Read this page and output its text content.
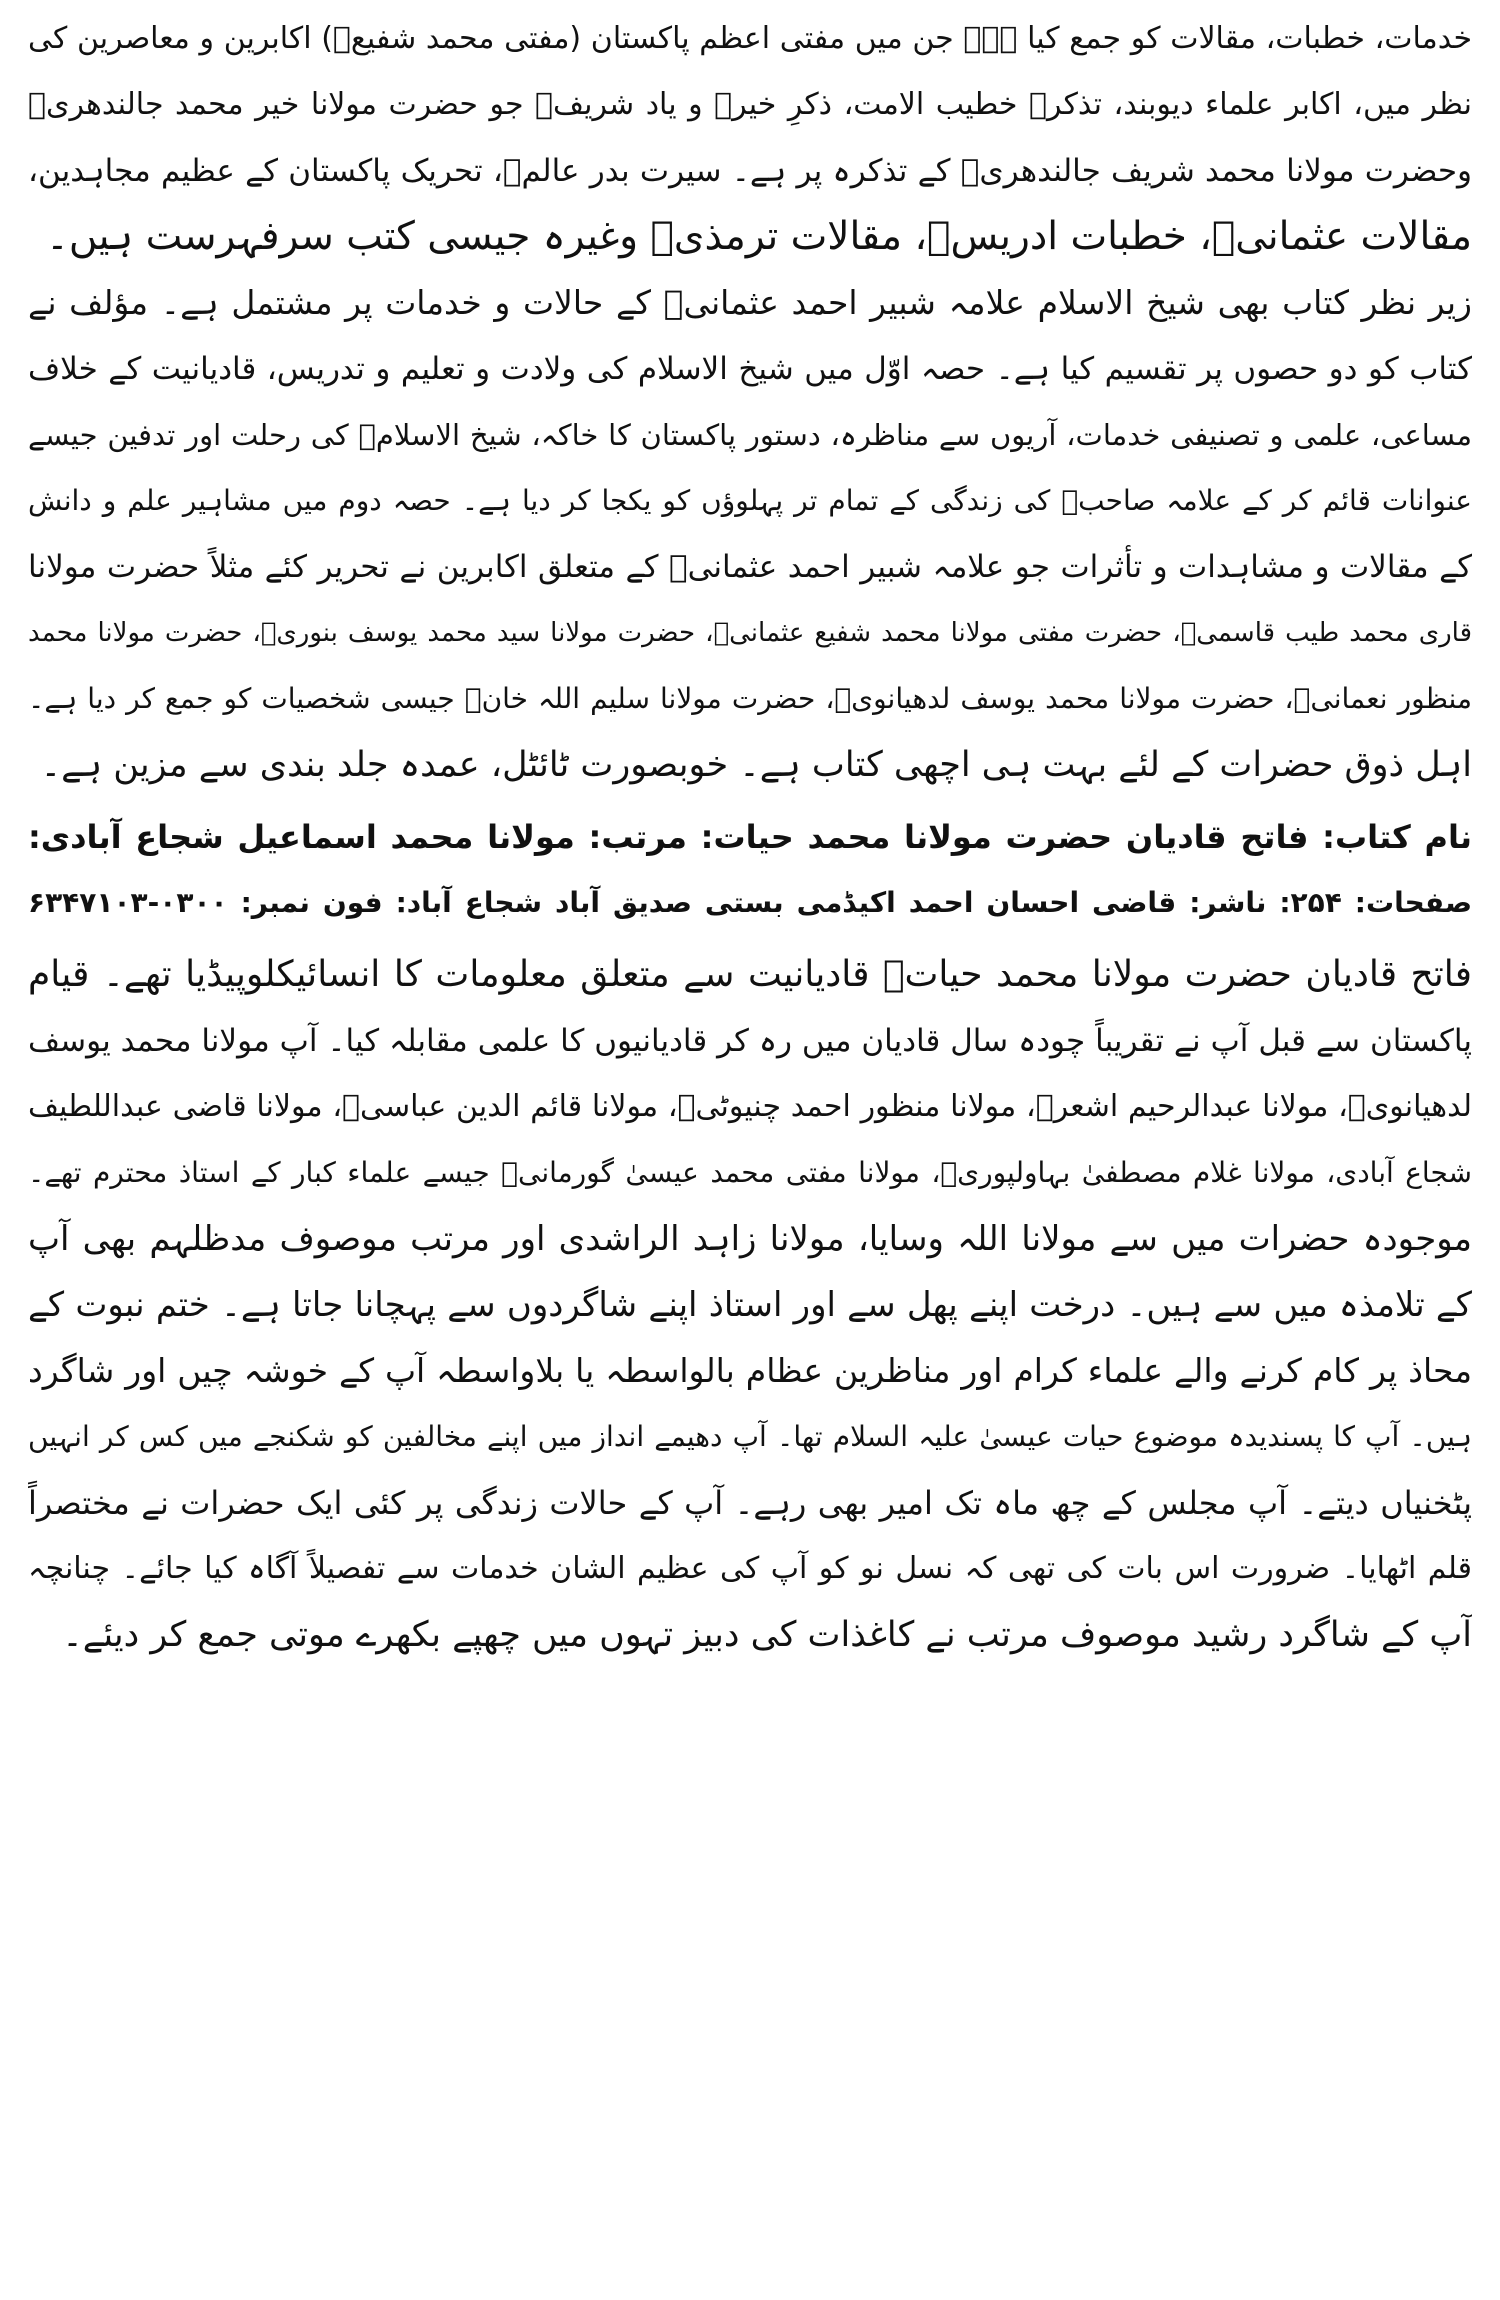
خدمات، خطبات، مقالات کو جمع کیا ہے۔ جن میں مفتی اعظم پاکستان (مفتی محمد شفیعؒ) اکابرین و معاصرین کی
نظر میں، اکابر علماء دیوبند، تذکرہ خطیب الامت، ذکرِ خیرؒ و یاد شریفؒ جو حضرت مولانا خیر محمد جالندھریؒ
وحضرت مولانا محمد شریف جالندھریؒ کے تذکرہ پر ہے۔ سیرت بدر عالمؒ، تحریک پاکستان کے عظیم مجاہدین،
مقالات عثمانیؒ، خطبات ادریسؒ، مقالات ترمذیؒ وغیرہ جیسی کتب سرفہرست ہیں۔
زیر نظر کتاب بھی شیخ الاسلام علامہ شبیر احمد عثمانیؒ کے حالات و خدمات پر مشتمل ہے۔ مؤلف نے
کتاب کو دو حصوں پر تقسیم کیا ہے۔ حصہ اوّل میں شیخ الاسلام کی ولادت و تعلیم و تدریس، قادیانیت کے خلاف
مساعی، علمی و تصنیفی خدمات، آریوں سے مناظرہ، دستور پاکستان کا خاکہ، شیخ الاسلامؒ کی رحلت اور تدفین جیسے
عنوانات قائم کر کے علامہ صاحبؒ کی زندگی کے تمام تر پہلوؤں کو یکجا کر دیا ہے۔ حصہ دوم میں مشاہیر علم و دانش
کے مقالات و مشاہدات و تأثرات جو علامہ شبیر احمد عثمانیؒ کے متعلق اکابرین نے تحریر کئے مثلاً حضرت مولانا
قاری محمد طیب قاسمیؒ، حضرت مفتی مولانا محمد شفیع عثمانیؒ، حضرت مولانا سید محمد یوسف بنوریؒ، حضرت مولانا محمد
منظور نعمانیؒ، حضرت مولانا محمد یوسف لدھیانویؒ، حضرت مولانا سلیم اللہ خانؒ جیسی شخصیات کو جمع کر دیا ہے۔
اہل ذوق حضرات کے لئے بہت ہی اچھی کتاب ہے۔ خوبصورت ٹائٹل، عمدہ جلد بندی سے مزین ہے۔
نام کتاب: فاتح قادیان حضرت مولانا محمد حیات: مرتب: مولانا محمد اسماعیل شجاع آبادی:
صفحات: ۲۵۴: ناشر: قاضی احسان احمد اکیڈمی بستی صدیق آباد شجاع آباد: فون نمبر: ۰۳۰۰-۶۳۴۷۱۰۳
فاتح قادیان حضرت مولانا محمد حیاتؒ قادیانیت سے متعلق معلومات کا انسائیکلوپیڈیا تھے۔ قیام
پاکستان سے قبل آپ نے تقریباً چودہ سال قادیان میں رہ کر قادیانیوں کا علمی مقابلہ کیا۔ آپ مولانا محمد یوسف
لدھیانویؒ، مولانا عبدالرحیم اشعرؒ، مولانا منظور احمد چنیوٹیؒ، مولانا قائم الدین عباسیؒ، مولانا قاضی عبداللطیف
شجاع آبادی، مولانا غلام مصطفیٰ بہاولپوریؒ، مولانا مفتی محمد عیسیٰ گورمانیؒ جیسے علماء کبار کے استاذ محترم تھے۔
موجودہ حضرات میں سے مولانا اللہ وسایا، مولانا زاہد الراشدی اور مرتب موصوف مدظلہم بھی آپ
کے تلامذہ میں سے ہیں۔ درخت اپنے پھل سے اور استاذ اپنے شاگردوں سے پہچانا جاتا ہے۔ ختم نبوت کے
محاذ پر کام کرنے والے علماء کرام اور مناظرین عظام بالواسطہ یا بلاواسطہ آپ کے خوشہ چیں اور شاگرد
ہیں۔ آپ کا پسندیدہ موضوع حیات عیسیٰ علیہ السلام تھا۔ آپ دھیمے انداز میں اپنے مخالفین کو شکنجے میں کس کر انہیں
پٹخنیاں دیتے۔ آپ مجلس کے چھ ماہ تک امیر بھی رہے۔ آپ کے حالات زندگی پر کئی ایک حضرات نے مختصراً
قلم اٹھایا۔ ضرورت اس بات کی تھی کہ نسل نو کو آپ کی عظیم الشان خدمات سے تفصیلاً آگاہ کیا جائے۔ چنانچہ
آپ کے شاگرد رشید موصوف مرتب نے کاغذات کی دبیز تہوں میں چھپے بکھرے موتی جمع کر دیئے۔
